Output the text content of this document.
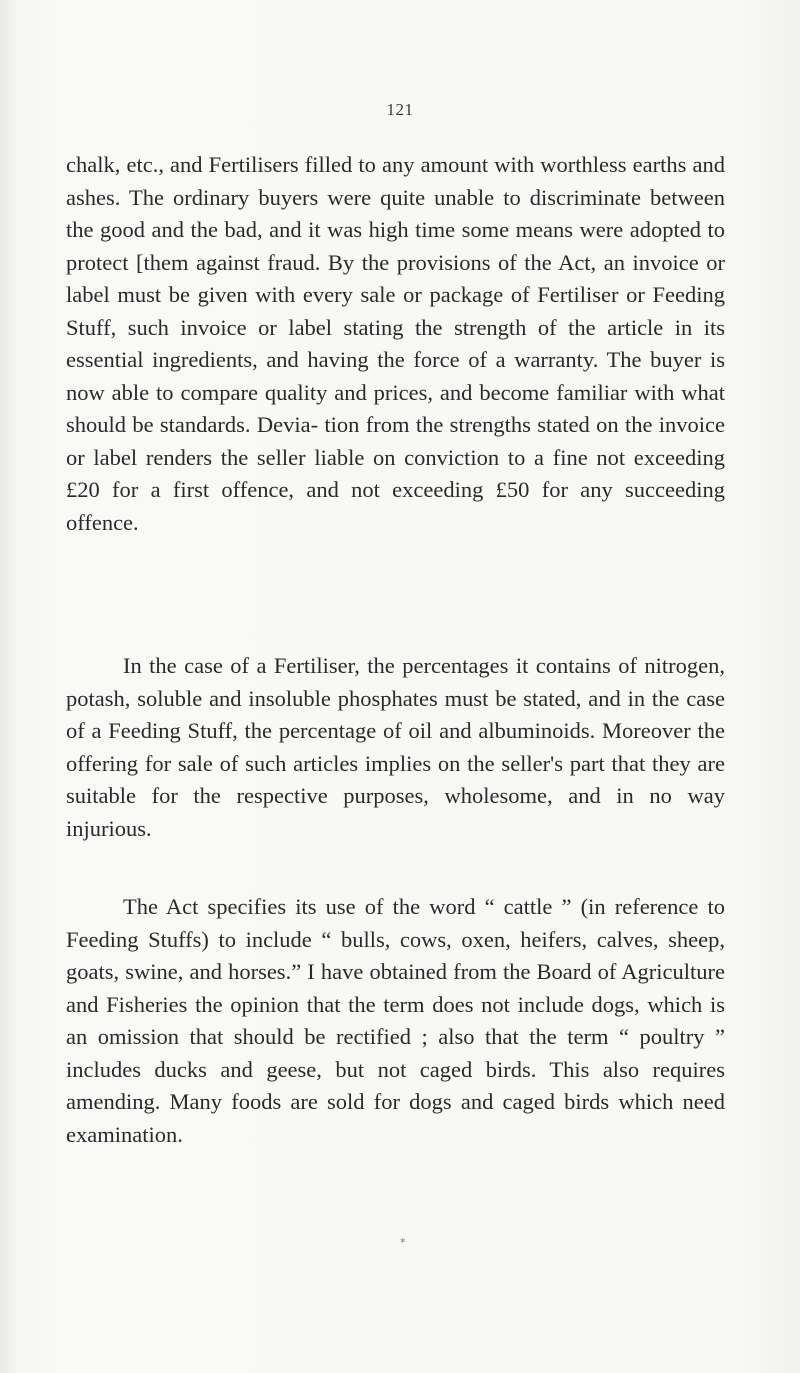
121

chalk, etc., and Fertilisers filled to any amount with worthless earths and ashes. The ordinary buyers were quite unable to discriminate between the good and the bad, and it was high time some means were adopted to protect [them against fraud. By the provisions of the Act, an invoice or label must be given with every sale or package of Fertiliser or Feeding Stuff, such invoice or label stating the strength of the article in its essential ingredients, and having the force of a warranty. The buyer is now able to compare quality and prices, and become familiar with what should be standards. Devia- tion from the strengths stated on the invoice or label renders the seller liable on conviction to a fine not exceeding £20 for a first offence, and not exceeding £50 for any succeeding offence.

In the case of a Fertiliser, the percentages it contains of nitrogen, potash, soluble and insoluble phosphates must be stated, and in the case of a Feeding Stuff, the percentage of oil and albuminoids. Moreover the offering for sale of such articles implies on the seller's part that they are suitable for the respective purposes, wholesome, and in no way injurious.

The Act specifies its use of the word “ cattle ” (in reference to Feeding Stuffs) to include “ bulls, cows, oxen, heifers, calves, sheep, goats, swine, and horses.” I have obtained from the Board of Agriculture and Fisheries the opinion that the term does not include dogs, which is an omission that should be rectified ; also that the term “ poultry ” includes ducks and geese, but not caged birds. This also requires amending. Many foods are sold for dogs and caged birds which need examination.

*
